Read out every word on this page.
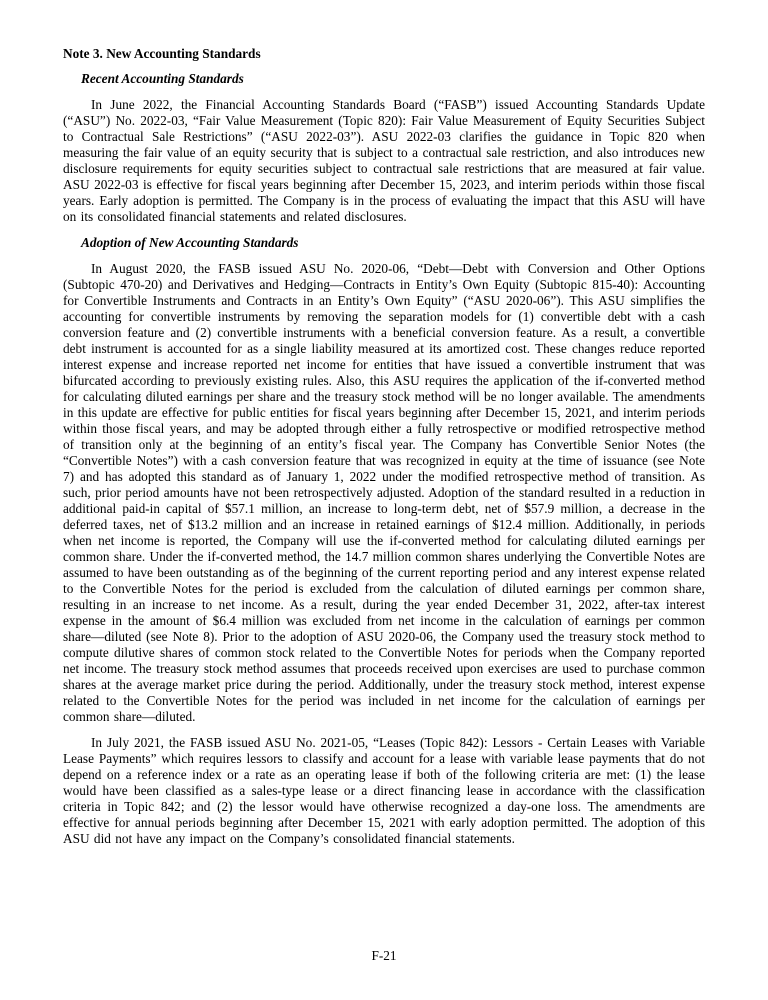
Note 3. New Accounting Standards
Recent Accounting Standards

In June 2022, the Financial Accounting Standards Board (“FASB”) issued Accounting Standards Update (“ASU”) No. 2022-03, “Fair Value Measurement (Topic 820): Fair Value Measurement of Equity Securities Subject to Contractual Sale Restrictions” (“ASU 2022-03”). ASU 2022-03 clarifies the guidance in Topic 820 when measuring the fair value of an equity security that is subject to a contractual sale restriction, and also introduces new disclosure requirements for equity securities subject to contractual sale restrictions that are measured at fair value. ASU 2022-03 is effective for fiscal years beginning after December 15, 2023, and interim periods within those fiscal years. Early adoption is permitted. The Company is in the process of evaluating the impact that this ASU will have on its consolidated financial statements and related disclosures.

Adoption of New Accounting Standards

In August 2020, the FASB issued ASU No. 2020-06, “Debt—Debt with Conversion and Other Options (Subtopic 470-20) and Derivatives and Hedging—Contracts in Entity’s Own Equity (Subtopic 815-40): Accounting for Convertible Instruments and Contracts in an Entity’s Own Equity” (“ASU 2020-06”). This ASU simplifies the accounting for convertible instruments by removing the separation models for (1) convertible debt with a cash conversion feature and (2) convertible instruments with a beneficial conversion feature. As a result, a convertible debt instrument is accounted for as a single liability measured at its amortized cost. These changes reduce reported interest expense and increase reported net income for entities that have issued a convertible instrument that was bifurcated according to previously existing rules. Also, this ASU requires the application of the if-converted method for calculating diluted earnings per share and the treasury stock method will be no longer available. The amendments in this update are effective for public entities for fiscal years beginning after December 15, 2021, and interim periods within those fiscal years, and may be adopted through either a fully retrospective or modified retrospective method of transition only at the beginning of an entity’s fiscal year. The Company has Convertible Senior Notes (the “Convertible Notes”) with a cash conversion feature that was recognized in equity at the time of issuance (see Note 7) and has adopted this standard as of January 1, 2022 under the modified retrospective method of transition. As such, prior period amounts have not been retrospectively adjusted. Adoption of the standard resulted in a reduction in additional paid-in capital of $57.1 million, an increase to long-term debt, net of $57.9 million, a decrease in the deferred taxes, net of $13.2 million and an increase in retained earnings of $12.4 million. Additionally, in periods when net income is reported, the Company will use the if-converted method for calculating diluted earnings per common share. Under the if-converted method, the 14.7 million common shares underlying the Convertible Notes are assumed to have been outstanding as of the beginning of the current reporting period and any interest expense related to the Convertible Notes for the period is excluded from the calculation of diluted earnings per common share, resulting in an increase to net income. As a result, during the year ended December 31, 2022, after-tax interest expense in the amount of $6.4 million was excluded from net income in the calculation of earnings per common share—diluted (see Note 8). Prior to the adoption of ASU 2020-06, the Company used the treasury stock method to compute dilutive shares of common stock related to the Convertible Notes for periods when the Company reported net income. The treasury stock method assumes that proceeds received upon exercises are used to purchase common shares at the average market price during the period. Additionally, under the treasury stock method, interest expense related to the Convertible Notes for the period was included in net income for the calculation of earnings per common share—diluted.

In July 2021, the FASB issued ASU No. 2021-05, “Leases (Topic 842): Lessors - Certain Leases with Variable Lease Payments” which requires lessors to classify and account for a lease with variable lease payments that do not depend on a reference index or a rate as an operating lease if both of the following criteria are met: (1) the lease would have been classified as a sales-type lease or a direct financing lease in accordance with the classification criteria in Topic 842; and (2) the lessor would have otherwise recognized a day-one loss. The amendments are effective for annual periods beginning after December 15, 2021 with early adoption permitted. The adoption of this ASU did not have any impact on the Company’s consolidated financial statements.

F-21
